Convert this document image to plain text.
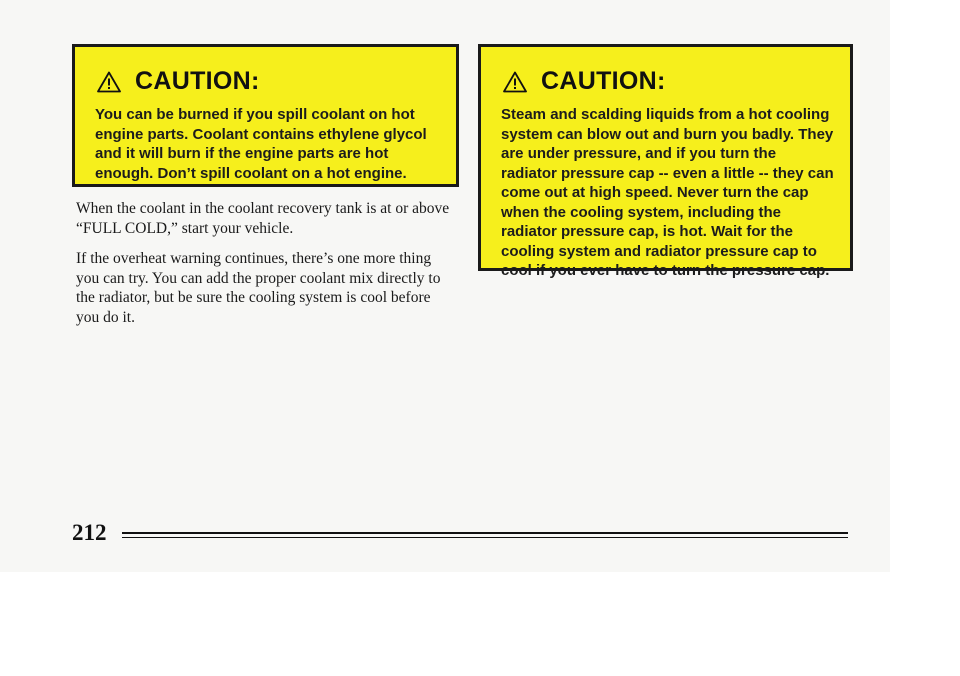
CAUTION:
You can be burned if you spill coolant on hot engine parts. Coolant contains ethylene glycol and it will burn if the engine parts are hot enough. Don’t spill coolant on a hot engine.
CAUTION:
Steam and scalding liquids from a hot cooling system can blow out and burn you badly. They are under pressure, and if you turn the radiator pressure cap -- even a little -- they can come out at high speed. Never turn the cap when the cooling system, including the radiator pressure cap, is hot. Wait for the cooling system and radiator pressure cap to cool if you ever have to turn the pressure cap.

When the coolant in the coolant recovery tank is at or above “FULL COLD,” start your vehicle.

If the overheat warning continues, there’s one more thing you can try. You can add the proper coolant mix directly to the radiator, but be sure the cooling system is cool before you do it.

212
